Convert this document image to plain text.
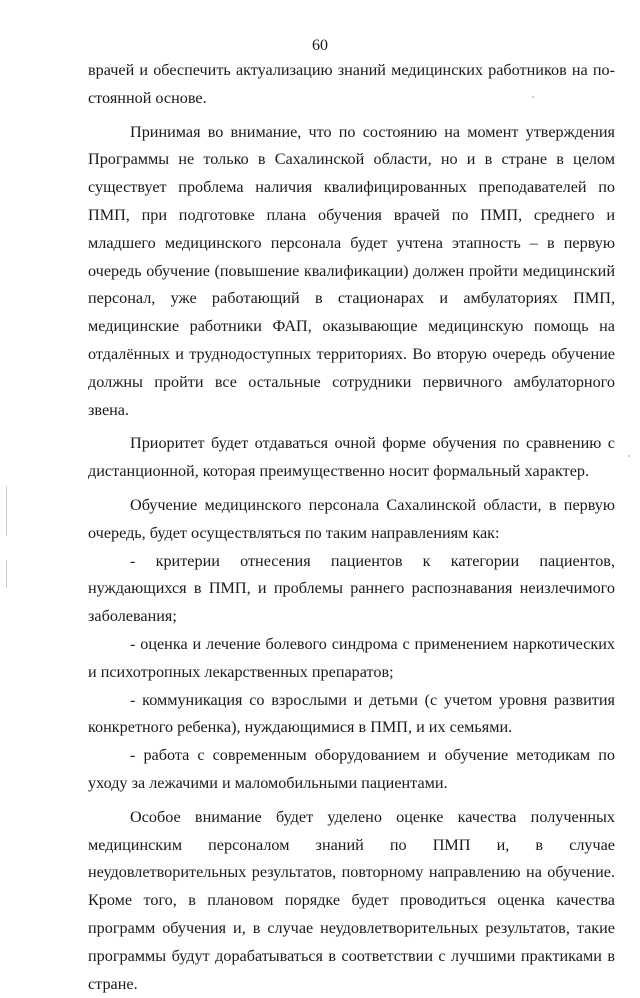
60

врачей и обеспечить актуализацию знаний медицинских работников на постоянной основе.

Принимая во внимание, что по состоянию на момент утверждения Программы не только в Сахалинской области, но и в стране в целом существует проблема наличия квалифицированных преподавателей по ПМП, при подготовке плана обучения врачей по ПМП, среднего и младшего медицинского персонала будет учтена этапность – в первую очередь обучение (повышение квалификации) должен пройти медицинский персонал, уже работающий в стационарах и амбулаториях ПМП, медицинские работники ФАП, оказывающие медицинскую помощь на отдалённых и труднодоступных территориях. Во вторую очередь обучение должны пройти все остальные сотрудники первичного амбулаторного звена.

Приоритет будет отдаваться очной форме обучения по сравнению с дистанционной, которая преимущественно носит формальный характер.

Обучение медицинского персонала Сахалинской области, в первую очередь, будет осуществляться по таким направлениям как:

- критерии отнесения пациентов к категории пациентов, нуждающихся в ПМП, и проблемы раннего распознавания неизлечимого заболевания;

- оценка и лечение болевого синдрома с применением наркотических и психотропных лекарственных препаратов;

- коммуникация со взрослыми и детьми (с учетом уровня развития конкретного ребенка), нуждающимися в ПМП, и их семьями.

- работа с современным оборудованием и обучение методикам по уходу за лежачими и маломобильными пациентами.

Особое внимание будет уделено оценке качества полученных медицинским персоналом знаний по ПМП и, в случае неудовлетворительных результатов, повторному направлению на обучение. Кроме того, в плановом порядке будет проводиться оценка качества программ обучения и, в случае неудовлетворительных результатов, такие программы будут дорабатываться в соответствии с лучшими практиками в стране.
